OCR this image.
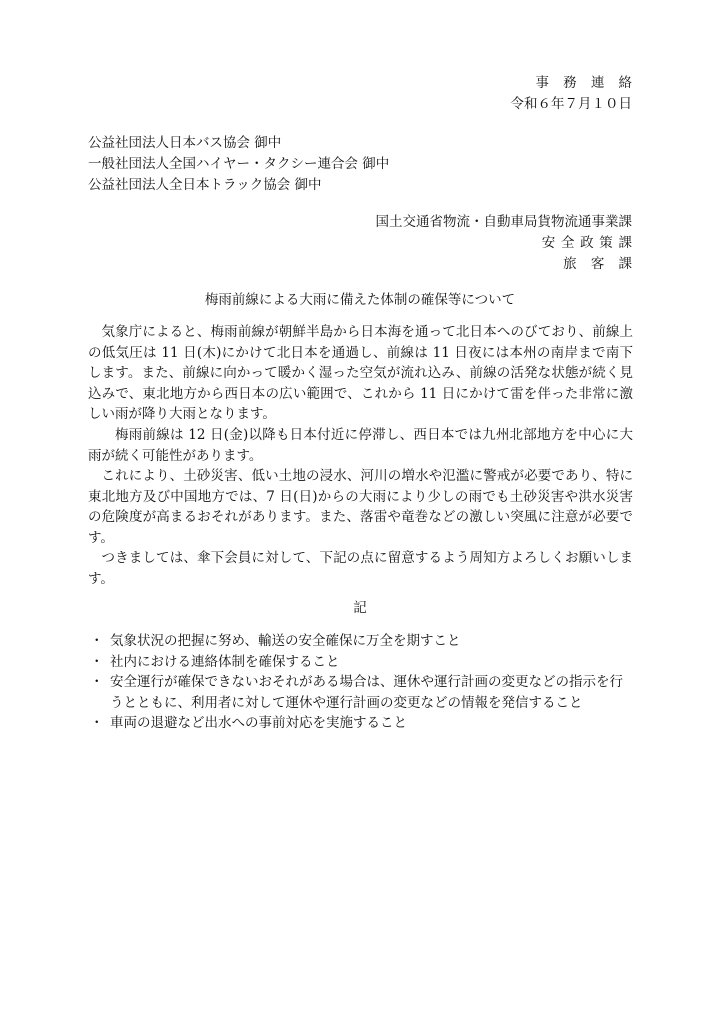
事務連絡

令和６年７月１０日

公益社団法人日本バス協会 御中

一般社団法人全国ハイヤー・タクシー連合会 御中

公益社団法人全日本トラック協会 御中

国土交通省物流・自動車局貨物流通事業課

安全政策課

旅客課

梅雨前線による大雨に備えた体制の確保等について

気象庁によると、梅雨前線が朝鮮半島から日本海を通って北日本へのびており、前線上の低気圧は 11 日(木)にかけて北日本を通過し、前線は 11 日夜には本州の南岸まで南下します。また、前線に向かって暖かく湿った空気が流れ込み、前線の活発な状態が続く見込みで、東北地方から西日本の広い範囲で、これから 11 日にかけて雷を伴った非常に激しい雨が降り大雨となります。

梅雨前線は 12 日(金)以降も日本付近に停滞し、西日本では九州北部地方を中心に大雨が続く可能性があります。

これにより、土砂災害、低い土地の浸水、河川の増水や氾濫に警戒が必要であり、特に東北地方及び中国地方では、7 日(日)からの大雨により少しの雨でも土砂災害や洪水災害の危険度が高まるおそれがあります。また、落雷や竜巻などの激しい突風に注意が必要です。

つきましては、傘下会員に対して、下記の点に留意するよう周知方よろしくお願いします。

記

・ 気象状況の把握に努め、輸送の安全確保に万全を期すこと
・ 社内における連絡体制を確保すること
・ 安全運行が確保できないおそれがある場合は、運休や運行計画の変更などの指示を行うとともに、利用者に対して運休や運行計画の変更などの情報を発信すること
・ 車両の退避など出水への事前対応を実施すること
